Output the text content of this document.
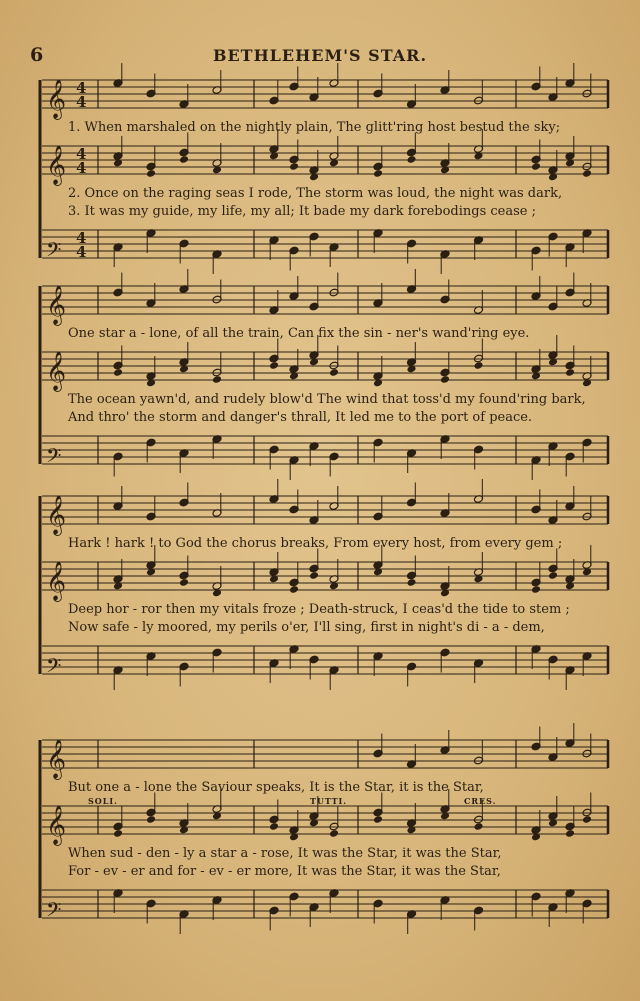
6	BETHLEHEM'S STAR.
𝄞 4
4
𝄞 4
4
𝄢 4
4
1. When marshaled on the nightly plain, The glitt'ring host bestud the sky;
2. Once on the raging seas I rode, The storm was loud, the night was dark,
3. It was my guide, my life, my all; It bade my dark forebodings cease ;
𝄞
𝄞
𝄢
One star a - lone, of all the train, Can fix the sin - ner's wand'ring eye.
The ocean yawn'd, and rudely blow'd The wind that toss'd my found'ring bark,
And thro' the storm and danger's thrall, It led me to the port of peace.
𝄞
𝄞
𝄢
Hark ! hark ! to God the chorus breaks, From every host, from every gem ;
Deep hor - ror then my vitals froze ; Death-struck, I ceas'd the tide to stem ;
Now safe - ly moored, my perils o'er, I'll sing, first in night's di - a - dem,
𝄞
𝄞
𝄢
But one a - lone the Saviour speaks, It is the Star, it is the Star,
When sud - den - ly a star a - rose, It was the Star, it was the Star,
For - ev - er and for - ev - er more, It was the Star, it was the Star,
SOLI.	TUTTI.	CRES.
